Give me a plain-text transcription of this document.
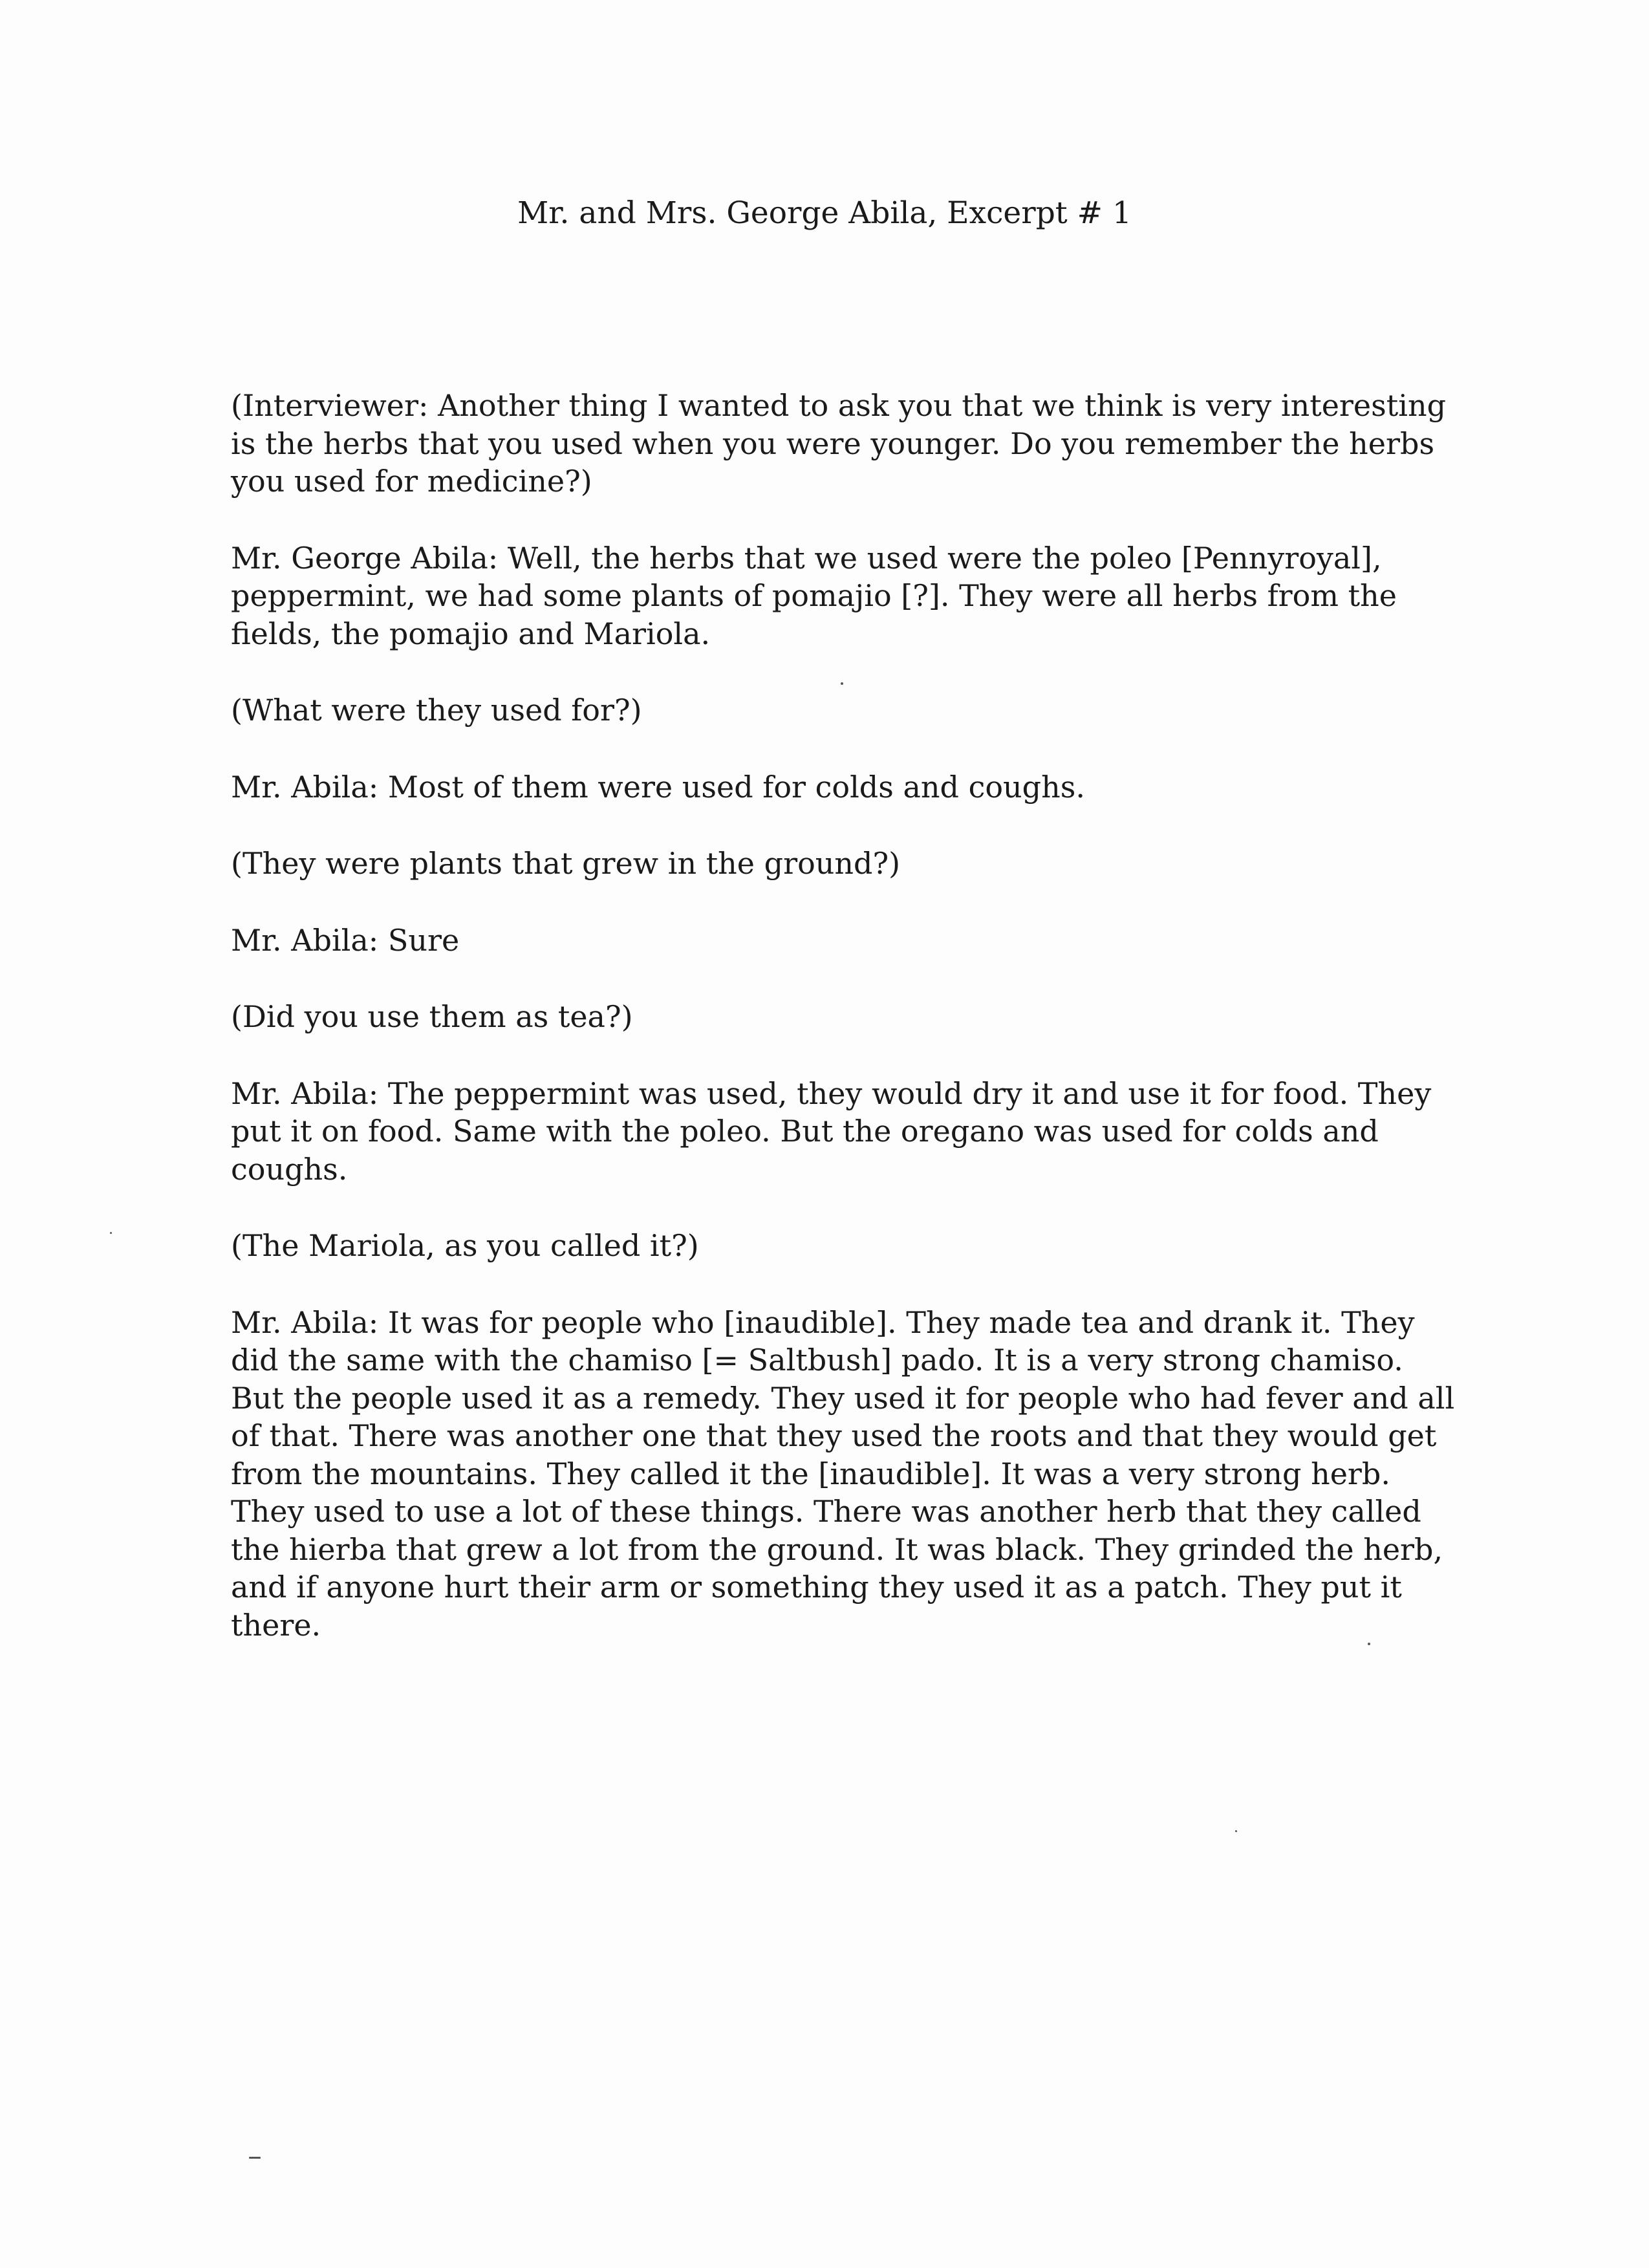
Mr. and Mrs. George Abila, Excerpt # 1

(Interviewer: Another thing I wanted to ask you that we think is very interesting is the herbs that you used when you were younger. Do you remember the herbs you used for medicine?)

Mr. George Abila: Well, the herbs that we used were the poleo [Pennyroyal], peppermint, we had some plants of pomajio [?]. They were all herbs from the fields, the pomajio and Mariola.

(What were they used for?)

Mr. Abila: Most of them were used for colds and coughs.

(They were plants that grew in the ground?)

Mr. Abila: Sure

(Did you use them as tea?)

Mr. Abila: The peppermint was used, they would dry it and use it for food. They put it on food. Same with the poleo. But the oregano was used for colds and coughs.

(The Mariola, as you called it?)

Mr. Abila: It was for people who [inaudible]. They made tea and drank it. They did the same with the chamiso [= Saltbush] pado. It is a very strong chamiso. But the people used it as a remedy. They used it for people who had fever and all of that. There was another one that they used the roots and that they would get from the mountains. They called it the [inaudible]. It was a very strong herb. They used to use a lot of these things. There was another herb that they called the hierba that grew a lot from the ground. It was black. They grinded the herb, and if anyone hurt their arm or something they used it as a patch. They put it there.
